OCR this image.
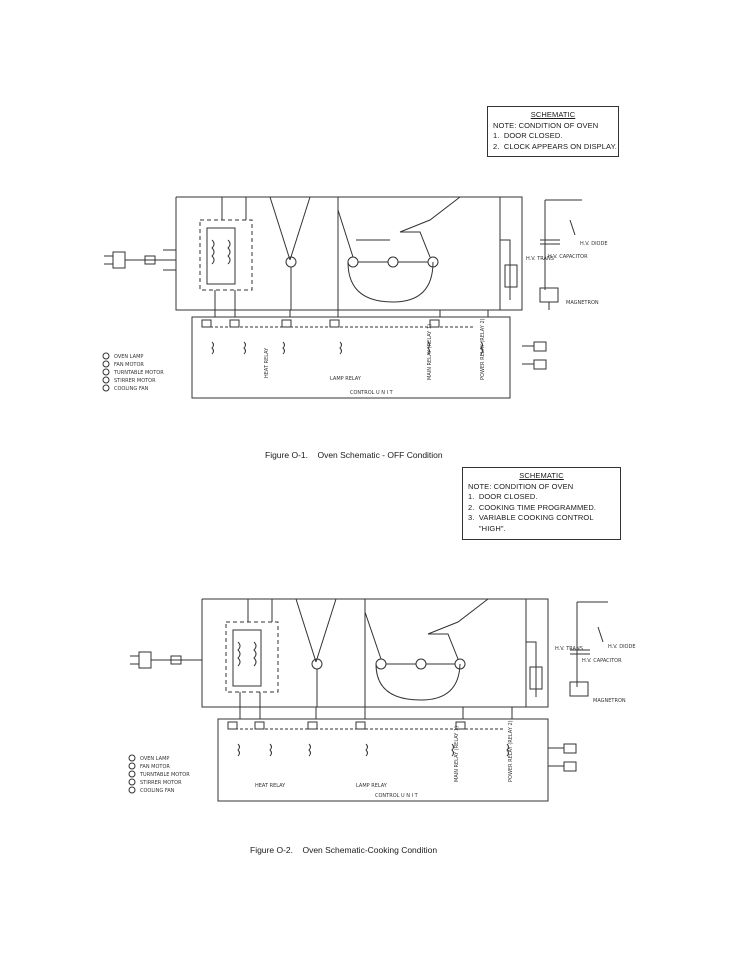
SCHEMATIC
NOTE: CONDITION OF OVEN
1.  DOOR CLOSED.
2.  CLOCK APPEARS ON DISPLAY.
HEAT RELAY
LAMP RELAY
CONTROL U N I T
MAIN RELAY (RELAY 1)	POWER RELAY (RELAY 2)
MAGNETRON
H.V. DIODE
H.V. CAPACITOR
H.V. TRANS
OVEN LAMP
FAN MOTOR
TURNTABLE MOTOR
STIRRER MOTOR
COOLING FAN
Figure O-1. Oven Schematic - OFF Condition
SCHEMATIC
NOTE: CONDITION OF OVEN
1.  DOOR CLOSED.
2.  COOKING TIME PROGRAMMED.
3.  VARIABLE COOKING CONTROL
"HIGH".
HEAT RELAY	LAMP RELAY
CONTROL U N I T
MAIN RELAY (RELAY 1)	POWER RELAY (RELAY 2)
MAGNETRON
H.V. DIODE
H.V. CAPACITOR
H.V. TRANS
OVEN LAMP
FAN MOTOR
TURNTABLE MOTOR
STIRRER MOTOR
COOLING FAN
Figure O-2. Oven Schematic-Cooking Condition
